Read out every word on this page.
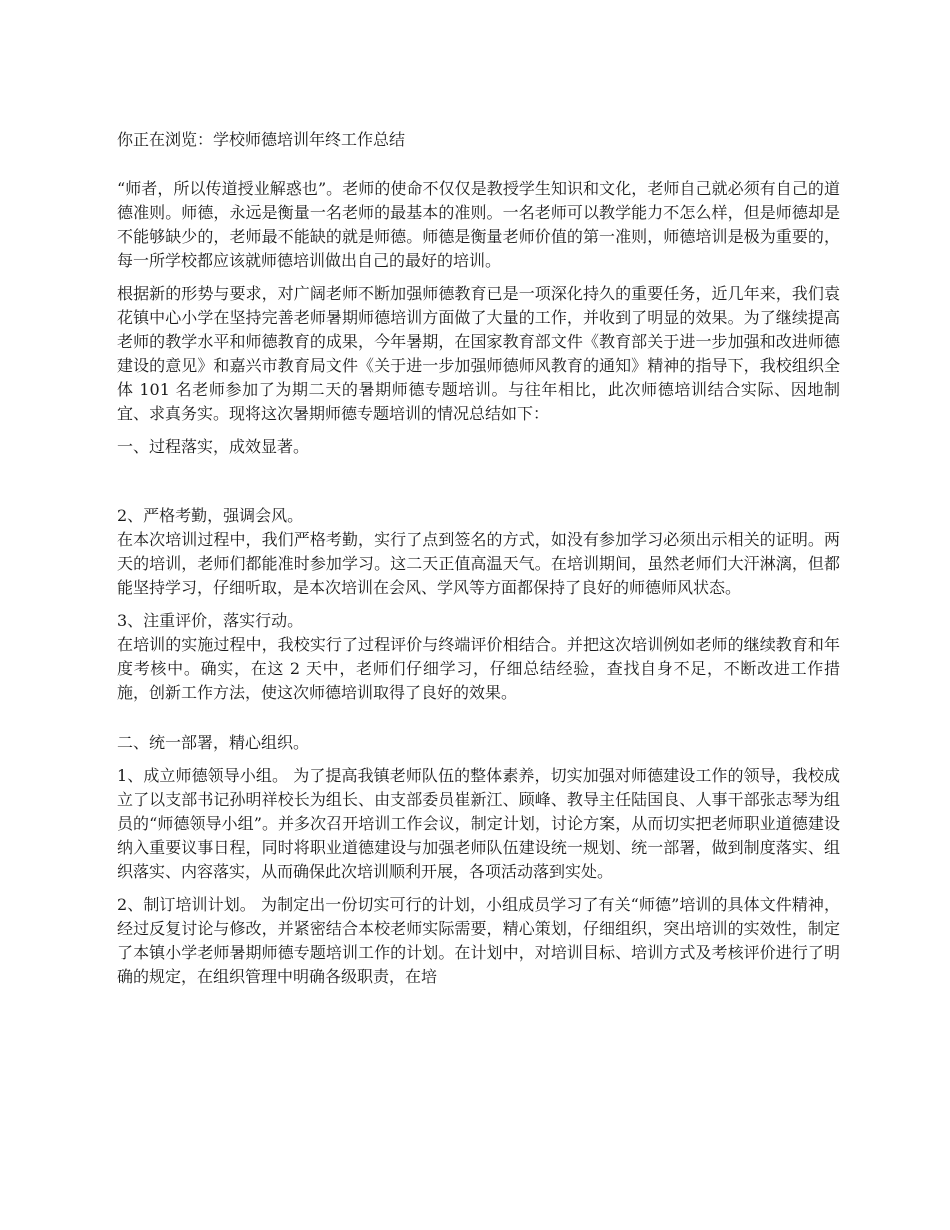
你正在浏览：学校师德培训年终工作总结

“师者，所以传道授业解惑也”。老师的使命不仅仅是教授学生知识和文化，老师自己就必须有自己的道德准则。师德，永远是衡量一名老师的最基本的准则。一名老师可以教学能力不怎么样，但是师德却是不能够缺少的，老师最不能缺的就是师德。师德是衡量老师价值的第一准则，师德培训是极为重要的，每一所学校都应该就师德培训做出自己的最好的培训。

根据新的形势与要求，对广阔老师不断加强师德教育已是一项深化持久的重要任务，近几年来，我们袁花镇中心小学在坚持完善老师暑期师德培训方面做了大量的工作，并收到了明显的效果。为了继续提高老师的教学水平和师德教育的成果，今年暑期，在国家教育部文件《教育部关于进一步加强和改进师德建设的意见》和嘉兴市教育局文件《关于进一步加强师德师风教育的通知》精神的指导下，我校组织全体 101 名老师参加了为期二天的暑期师德专题培训。与往年相比，此次师德培训结合实际、因地制宜、求真务实。现将这次暑期师德专题培训的情况总结如下：

一、过程落实，成效显著。

2、严格考勤，强调会风。

在本次培训过程中，我们严格考勤，实行了点到签名的方式，如没有参加学习必须出示相关的证明。两天的培训，老师们都能准时参加学习。这二天正值高温天气。在培训期间，虽然老师们大汗淋漓，但都能坚持学习，仔细听取，是本次培训在会风、学风等方面都保持了良好的师德师风状态。

3、注重评价，落实行动。

在培训的实施过程中，我校实行了过程评价与终端评价相结合。并把这次培训例如老师的继续教育和年度考核中。确实，在这 2 天中，老师们仔细学习，仔细总结经验，查找自身不足，不断改进工作措施，创新工作方法，使这次师德培训取得了良好的效果。

二、统一部署，精心组织。

1、成立师德领导小组。 为了提高我镇老师队伍的整体素养，切实加强对师德建设工作的领导，我校成立了以支部书记孙明祥校长为组长、由支部委员崔新江、顾峰、教导主任陆国良、人事干部张志琴为组员的“师德领导小组”。并多次召开培训工作会议，制定计划，讨论方案，从而切实把老师职业道德建设纳入重要议事日程，同时将职业道德建设与加强老师队伍建设统一规划、统一部署，做到制度落实、组织落实、内容落实，从而确保此次培训顺利开展，各项活动落到实处。

2、制订培训计划。 为制定出一份切实可行的计划，小组成员学习了有关“师德”培训的具体文件精神，经过反复讨论与修改，并紧密结合本校老师实际需要，精心策划，仔细组织，突出培训的实效性，制定了本镇小学老师暑期师德专题培训工作的计划。在计划中，对培训目标、培训方式及考核评价进行了明确的规定，在组织管理中明确各级职责，在培
